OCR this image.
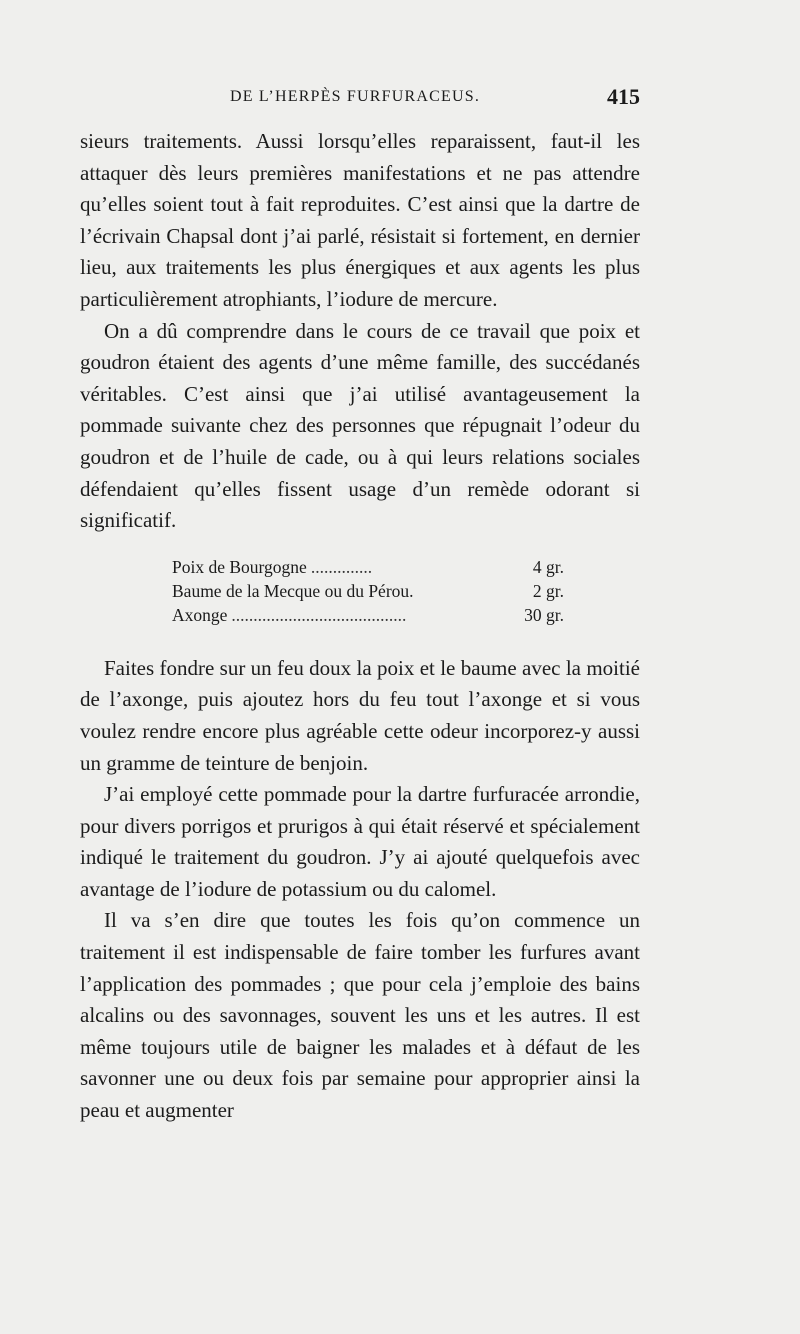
DE L’HERPÈS FURFURACEUS.	415

sieurs traitements. Aussi lorsqu’elles reparaissent, faut-il les attaquer dès leurs premières manifestations et ne pas attendre qu’elles soient tout à fait reproduites. C’est ainsi que la dartre de l’écrivain Chapsal dont j’ai parlé, résistait si fortement, en dernier lieu, aux traitements les plus énergiques et aux agents les plus particulièrement atrophiants, l’iodure de mercure.

On a dû comprendre dans le cours de ce travail que poix et goudron étaient des agents d’une même famille, des succédanés véritables. C’est ainsi que j’ai utilisé avantageusement la pommade suivante chez des personnes que répugnait l’odeur du goudron et de l’huile de cade, ou à qui leurs relations sociales défendaient qu’elles fissent usage d’un remède odorant si significatif.

Poix de Bourgogne ..............	4 gr.
Baume de la Mecque ou du Pérou.	2 gr.
Axonge ........................................	30 gr.

Faites fondre sur un feu doux la poix et le baume avec la moitié de l’axonge, puis ajoutez hors du feu tout l’axonge et si vous voulez rendre encore plus agréable cette odeur incorporez-y aussi un gramme de teinture de benjoin.

J’ai employé cette pommade pour la dartre furfuracée arrondie, pour divers porrigos et prurigos à qui était réservé et spécialement indiqué le traitement du goudron. J’y ai ajouté quelquefois avec avantage de l’iodure de potassium ou du calomel.

Il va s’en dire que toutes les fois qu’on commence un traitement il est indispensable de faire tomber les furfures avant l’application des pommades ; que pour cela j’emploie des bains alcalins ou des savonnages, souvent les uns et les autres. Il est même toujours utile de baigner les malades et à défaut de les savonner une ou deux fois par semaine pour approprier ainsi la peau et augmenter
